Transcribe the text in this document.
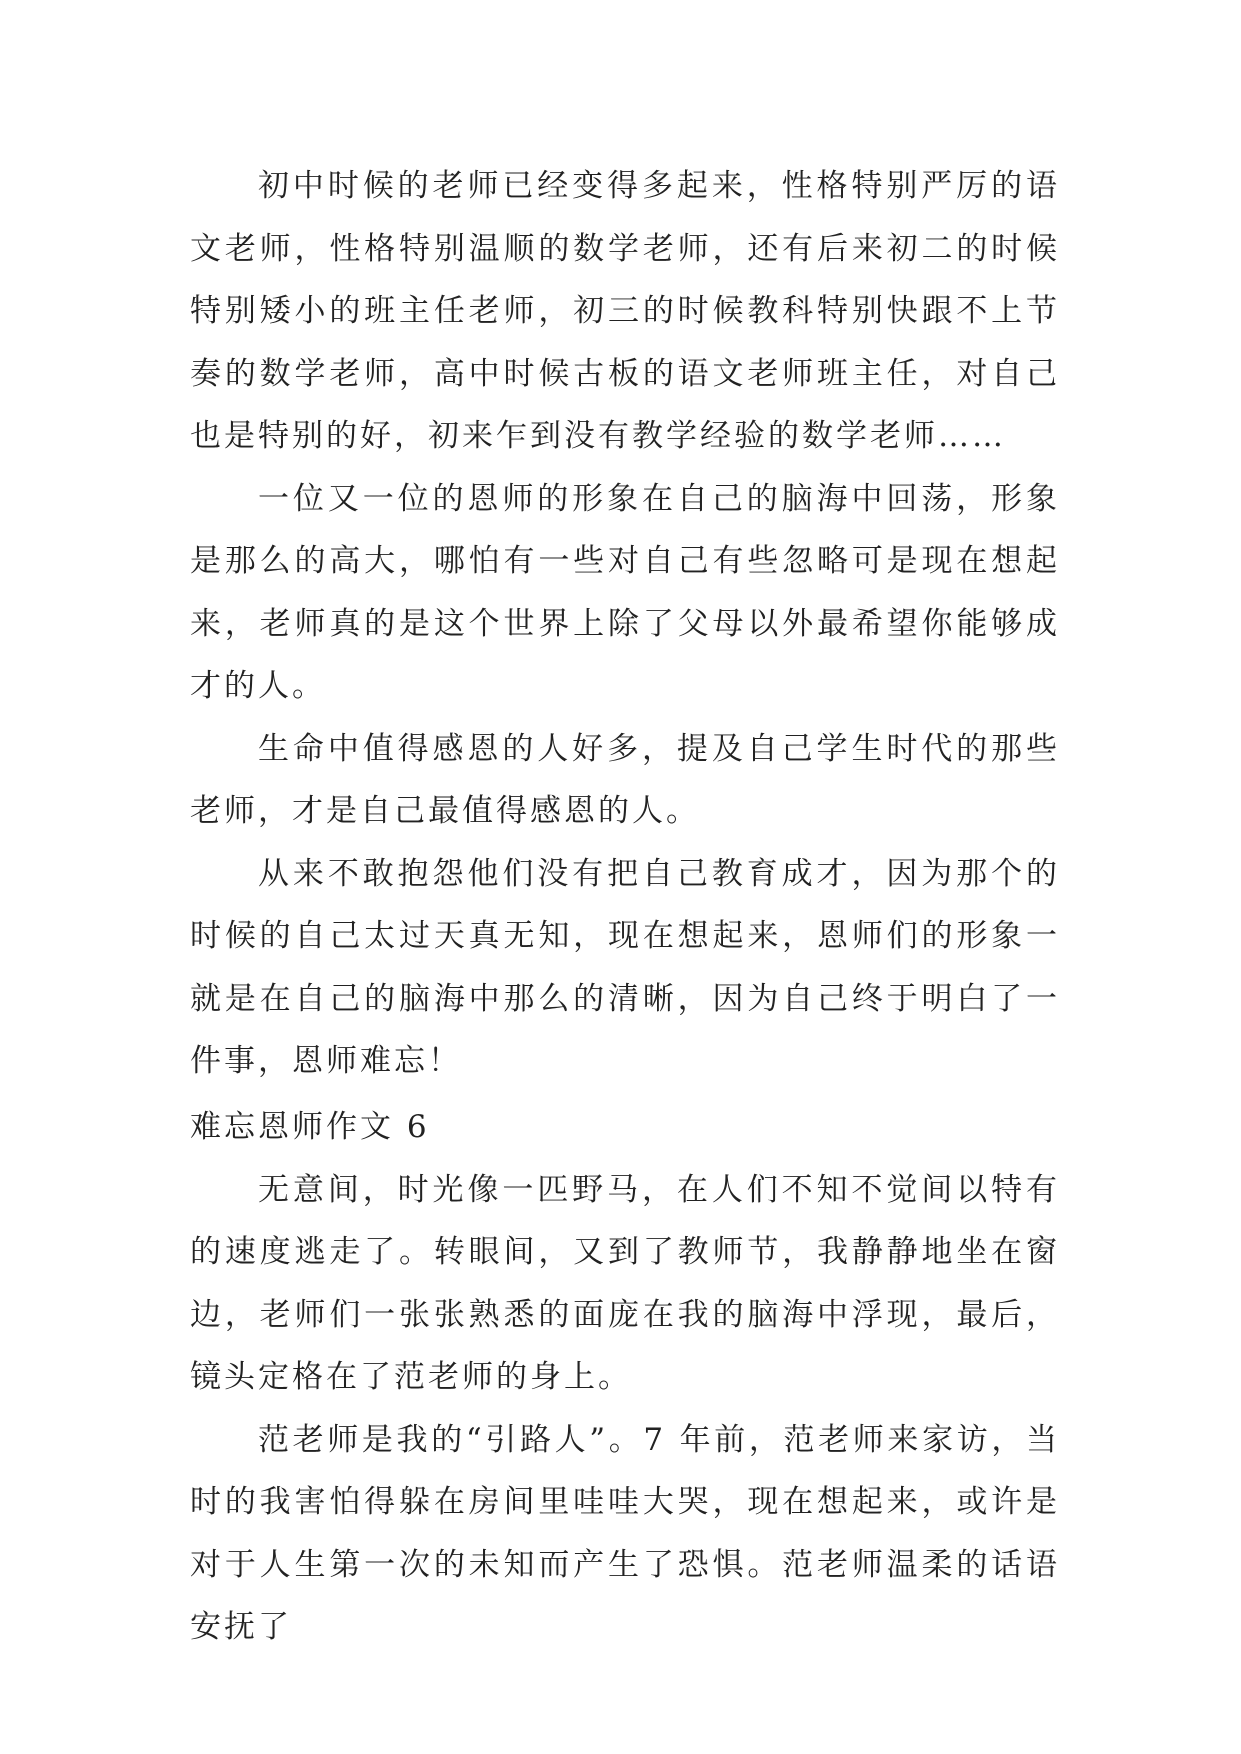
初中时候的老师已经变得多起来，性格特别严厉的语文老师，性格特别温顺的数学老师，还有后来初二的时候特别矮小的班主任老师，初三的时候教科特别快跟不上节奏的数学老师，高中时候古板的语文老师班主任，对自己也是特别的好，初来乍到没有教学经验的数学老师……

一位又一位的恩师的形象在自己的脑海中回荡，形象是那么的高大，哪怕有一些对自己有些忽略可是现在想起来，老师真的是这个世界上除了父母以外最希望你能够成才的人。

生命中值得感恩的人好多，提及自己学生时代的那些老师，才是自己最值得感恩的人。

从来不敢抱怨他们没有把自己教育成才，因为那个的时候的自己太过天真无知，现在想起来，恩师们的形象一就是在自己的脑海中那么的清晰，因为自己终于明白了一件事，恩师难忘！

难忘恩师作文 6

无意间，时光像一匹野马，在人们不知不觉间以特有的速度逃走了。转眼间，又到了教师节，我静静地坐在窗边，老师们一张张熟悉的面庞在我的脑海中浮现，最后，镜头定格在了范老师的身上。

范老师是我的“引路人”。7 年前，范老师来家访，当时的我害怕得躲在房间里哇哇大哭，现在想起来，或许是对于人生第一次的未知而产生了恐惧。范老师温柔的话语安抚了
